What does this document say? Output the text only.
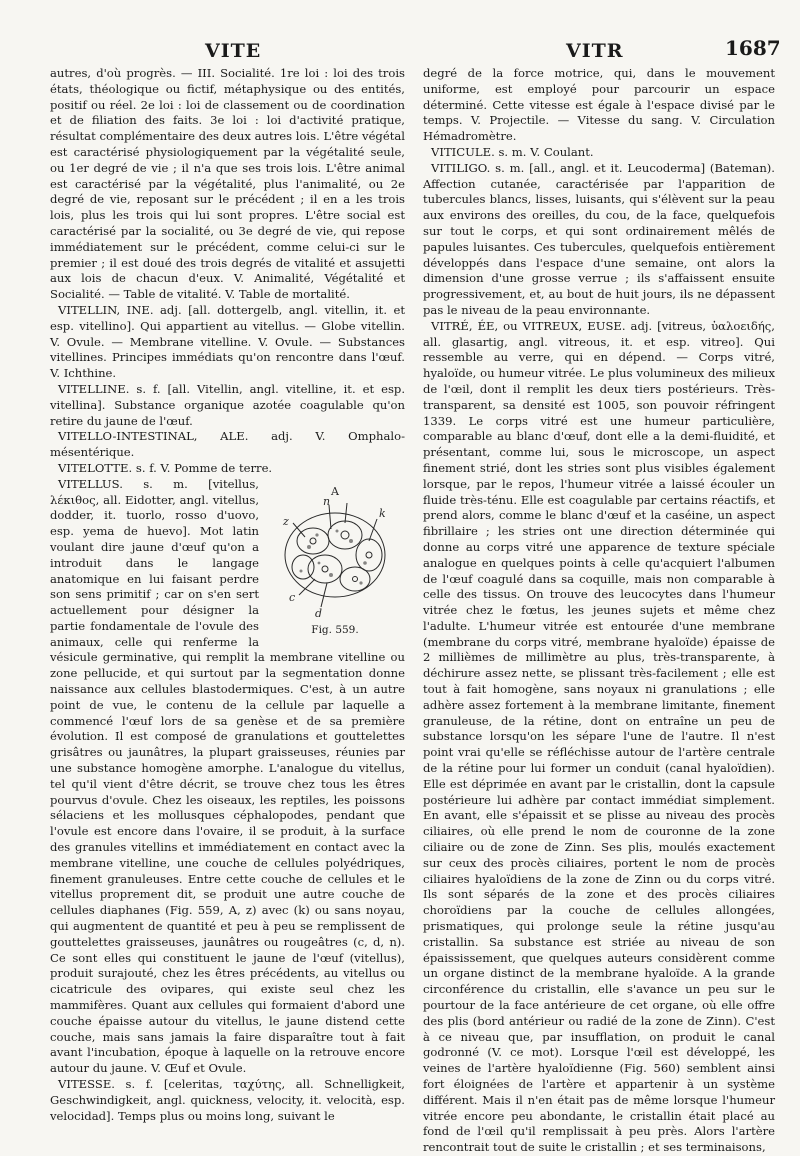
VITE	VITR	1687

autres, d'où progrès. — III. Socialité. 1re loi : loi des trois états, théologique ou fictif, métaphysique ou des entités, positif ou réel. 2e loi : loi de classement ou de coordination et de filiation des faits. 3e loi : loi d'activité pratique, résultat complémentaire des deux autres lois. L'être végétal est caractérisé physiologiquement par la végétalité seule, ou 1er degré de vie ; il n'a que ses trois lois. L'être animal est caractérisé par la végétalité, plus l'animalité, ou 2e degré de vie, reposant sur le précédent ; il en a les trois lois, plus les trois qui lui sont propres. L'être social est caractérisé par la socialité, ou 3e degré de vie, qui repose immédiatement sur le précédent, comme celui-ci sur le premier ; il est doué des trois degrés de vitalité et assujetti aux lois de chacun d'eux. V. Animalité, Végétalité et Socialité. — Table de vitalité. V. Table de mortalité.

VITELLIN, INE. adj. [all. dottergelb, angl. vitellin, it. et esp. vitellino]. Qui appartient au vitellus. — Globe vitellin. V. Ovule. — Membrane vitelline. V. Ovule. — Substances vitellines. Principes immédiats qu'on rencontre dans l'œuf. V. Ichthine.

VITELLINE. s. f. [all. Vitellin, angl. vitelline, it. et esp. vitellina]. Substance organique azotée coagulable qu'on retire du jaune de l'œuf.

VITELLO-INTESTINAL, ALE. adj. V. Omphalo-mésentérique.

VITELOTTE. s. f. V. Pomme de terre.

A
n
k
z
c
d
Fig. 559.

VITELLUS. s. m. [vitellus, λέκιθος, all. Eidotter, angl. vitellus, dodder, it. tuorlo, rosso d'uovo, esp. yema de huevo]. Mot latin voulant dire jaune d'œuf qu'on a introduit dans le langage anatomique en lui faisant perdre son sens primitif ; car on s'en sert actuellement pour désigner la partie fondamentale de l'ovule des animaux, celle qui renferme la vésicule germinative, qui remplit la membrane vitelline ou zone pellucide, et qui surtout par la segmentation donne naissance aux cellules blastodermiques. C'est, à un autre point de vue, le contenu de la cellule par laquelle a commencé l'œuf lors de sa genèse et de sa première évolution. Il est composé de granulations et gouttelettes grisâtres ou jaunâtres, la plupart graisseuses, réunies par une substance homogène amorphe. L'analogue du vitellus, tel qu'il vient d'être décrit, se trouve chez tous les êtres pourvus d'ovule. Chez les oiseaux, les reptiles, les poissons sélaciens et les mollusques céphalopodes, pendant que l'ovule est encore dans l'ovaire, il se produit, à la surface des granules vitellins et immédiatement en contact avec la membrane vitelline, une couche de cellules polyédriques, finement granuleuses. Entre cette couche de cellules et le vitellus proprement dit, se produit une autre couche de cellules diaphanes (Fig. 559, A, z) avec (k) ou sans noyau, qui augmentent de quantité et peu à peu se remplissent de gouttelettes graisseuses, jaunâtres ou rougeâtres (c, d, n). Ce sont elles qui constituent le jaune de l'œuf (vitellus), produit surajouté, chez les êtres précédents, au vitellus ou cicatricule des ovipares, qui existe seul chez les mammifères. Quant aux cellules qui formaient d'abord une couche épaisse autour du vitellus, le jaune distend cette couche, mais sans jamais la faire disparaître tout à fait avant l'incubation, époque à laquelle on la retrouve encore autour du jaune. V. Œuf et Ovule.

VITESSE. s. f. [celeritas, ταχύτης, all. Schnelligkeit, Geschwindigkeit, angl. quickness, velocity, it. velocità, esp. velocidad]. Temps plus ou moins long, suivant le

degré de la force motrice, qui, dans le mouvement uniforme, est employé pour parcourir un espace déterminé. Cette vitesse est égale à l'espace divisé par le temps. V. Projectile. — Vitesse du sang. V. Circulation Hémadromètre.

VITICULE. s. m. V. Coulant.

VITILIGO. s. m. [all., angl. et it. Leucoderma] (Bateman). Affection cutanée, caractérisée par l'apparition de tubercules blancs, lisses, luisants, qui s'élèvent sur la peau aux environs des oreilles, du cou, de la face, quelquefois sur tout le corps, et qui sont ordinairement mêlés de papules luisantes. Ces tubercules, quelquefois entièrement développés dans l'espace d'une semaine, ont alors la dimension d'une grosse verrue ; ils s'affaissent ensuite progressivement, et, au bout de huit jours, ils ne dépassent pas le niveau de la peau environnante.

VITRÉ, ÉE, ou VITREUX, EUSE. adj. [vitreus, ὑαλοειδής, all. glasartig, angl. vitreous, it. et esp. vitreo]. Qui ressemble au verre, qui en dépend. — Corps vitré, hyaloïde, ou humeur vitrée. Le plus volumineux des milieux de l'œil, dont il remplit les deux tiers postérieurs. Très-transparent, sa densité est 1005, son pouvoir réfringent 1339. Le corps vitré est une humeur particulière, comparable au blanc d'œuf, dont elle a la demi-fluidité, et présentant, comme lui, sous le microscope, un aspect finement strié, dont les stries sont plus visibles également lorsque, par le repos, l'humeur vitrée a laissé écouler un fluide très-ténu. Elle est coagulable par certains réactifs, et prend alors, comme le blanc d'œuf et la caséine, un aspect fibrillaire ; les stries ont une direction déterminée qui donne au corps vitré une apparence de texture spéciale analogue en quelques points à celle qu'acquiert l'albumen de l'œuf coagulé dans sa coquille, mais non comparable à celle des tissus. On trouve des leucocytes dans l'humeur vitrée chez le fœtus, les jeunes sujets et même chez l'adulte. L'humeur vitrée est entourée d'une membrane (membrane du corps vitré, membrane hyaloïde) épaisse de 2 millièmes de millimètre au plus, très-transparente, à déchirure assez nette, se plissant très-facilement ; elle est tout à fait homogène, sans noyaux ni granulations ; elle adhère assez fortement à la membrane limitante, finement granuleuse, de la rétine, dont on entraîne un peu de substance lorsqu'on les sépare l'une de l'autre. Il n'est point vrai qu'elle se réfléchisse autour de l'artère centrale de la rétine pour lui former un conduit (canal hyaloïdien). Elle est déprimée en avant par le cristallin, dont la capsule postérieure lui adhère par contact immédiat simplement. En avant, elle s'épaissit et se plisse au niveau des procès ciliaires, où elle prend le nom de couronne de la zone ciliaire ou de zone de Zinn. Ses plis, moulés exactement sur ceux des procès ciliaires, portent le nom de procès ciliaires hyaloïdiens de la zone de Zinn ou du corps vitré. Ils sont séparés de la zone et des procès ciliaires choroïdiens par la couche de cellules allongées, prismatiques, qui prolonge seule la rétine jusqu'au cristallin. Sa substance est striée au niveau de son épaississement, que quelques auteurs considèrent comme un organe distinct de la membrane hyaloïde. A la grande circonférence du cristallin, elle s'avance un peu sur le pourtour de la face antérieure de cet organe, où elle offre des plis (bord antérieur ou radié de la zone de Zinn). C'est à ce niveau que, par insufflation, on produit le canal godronné (V. ce mot). Lorsque l'œil est développé, les veines de l'artère hyaloïdienne (Fig. 560) semblent ainsi fort éloignées de l'artère et appartenir à un système différent. Mais il n'en était pas de même lorsque l'humeur vitrée encore peu abondante, le cristallin était placé au fond de l'œil qu'il remplissait à peu près. Alors l'artère rencontrait tout de suite le cristallin ; et ses terminaisons,
